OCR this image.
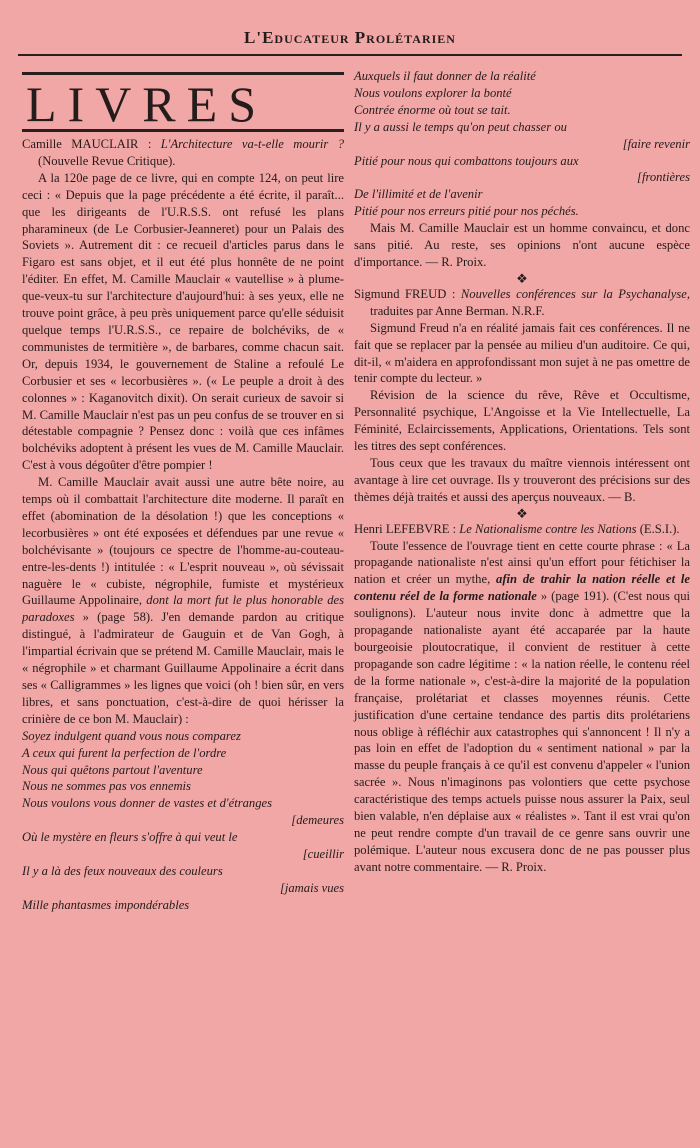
L'Educateur Prolétarien
LIVRES

Camille MAUCLAIR : L'Architecture va-t-elle mourir ? (Nouvelle Revue Critique).

A la 120e page de ce livre, qui en compte 124, on peut lire ceci : « Depuis que la page précédente a été écrite, il paraît... que les dirigeants de l'U.R.S.S. ont refusé les plans pharamineux (de Le Corbusier-Jeanneret) pour un Palais des Soviets ». Autrement dit : ce recueil d'articles parus dans le Figaro est sans objet, et il eut été plus honnête de ne point l'éditer. En effet, M. Camille Mauclair « vautellise » à plume-que-veux-tu sur l'architecture d'aujourd'hui: à ses yeux, elle ne trouve point grâce, à peu près uniquement parce qu'elle séduisit quelque temps l'U.R.S.S., ce repaire de bolchéviks, de « communistes de termitière », de barbares, comme chacun sait. Or, depuis 1934, le gouvernement de Staline a refoulé Le Corbusier et ses « lecorbusières ». (« Le peuple a droit à des colonnes » : Kaganovitch dixit). On serait curieux de savoir si M. Camille Mauclair n'est pas un peu confus de se trouver en si détestable compagnie ? Pensez donc : voilà que ces infâmes bolchéviks adoptent à présent les vues de M. Camille Mauclair. C'est à vous dégoûter d'être pompier !

M. Camille Mauclair avait aussi une autre bête noire, au temps où il combattait l'architecture dite moderne. Il paraît en effet (abomination de la désolation !) que les conceptions « lecorbusières » ont été exposées et défendues par une revue « bolchévisante » (toujours ce spectre de l'homme-au-couteau-entre-les-dents !) intitulée : « L'esprit nouveau », où sévissait naguère le « cubiste, négrophile, fumiste et mystérieux Guillaume Appolinaire, dont la mort fut le plus honorable des paradoxes » (page 58). J'en demande pardon au critique distingué, à l'admirateur de Gauguin et de Van Gogh, à l'impartial écrivain que se prétend M. Camille Mauclair, mais le « négrophile » et charmant Guillaume Appolinaire a écrit dans ses « Calligrammes » les lignes que voici (oh ! bien sûr, en vers libres, et sans ponctuation, c'est-à-dire de quoi hérisser la crinière de ce bon M. Mauclair) :

Soyez indulgent quand vous nous comparez

A ceux qui furent la perfection de l'ordre

Nous qui quêtons partout l'aventure

Nous ne sommes pas vos ennemis

Nous voulons vous donner de vastes et d'étranges

[demeures

Où le mystère en fleurs s'offre à qui veut le

[cueillir

Il y a là des feux nouveaux des couleurs

[jamais vues

Mille phantasmes impondérables

Auxquels il faut donner de la réalité

Nous voulons explorer la bonté

Contrée énorme où tout se tait.

Il y a aussi le temps qu'on peut chasser ou

[faire revenir

Pitié pour nous qui combattons toujours aux

[frontières

De l'illimité et de l'avenir

Pitié pour nos erreurs pitié pour nos péchés.

Mais M. Camille Mauclair est un homme convaincu, et donc sans pitié. Au reste, ses opinions n'ont aucune espèce d'importance. — R. Proix.

❖

Sigmund FREUD : Nouvelles conférences sur la Psychanalyse, traduites par Anne Berman. N.R.F.

Sigmund Freud n'a en réalité jamais fait ces conférences. Il ne fait que se replacer par la pensée au milieu d'un auditoire. Ce qui, dit-il, « m'aidera en approfondissant mon sujet à ne pas omettre de tenir compte du lecteur. »

Révision de la science du rêve, Rêve et Occultisme, Personnalité psychique, L'Angoisse et la Vie Intellectuelle, La Féminité, Eclaircissements, Applications, Orientations. Tels sont les titres des sept conférences.

Tous ceux que les travaux du maître viennois intéressent ont avantage à lire cet ouvrage. Ils y trouveront des précisions sur des thèmes déjà traités et aussi des aperçus nouveaux. — B.

❖

Henri LEFEBVRE : Le Nationalisme contre les Nations (E.S.I.).

Toute l'essence de l'ouvrage tient en cette courte phrase : « La propagande nationaliste n'est ainsi qu'un effort pour fétichiser la nation et créer un mythe, afin de trahir la nation réelle et le contenu réel de la forme nationale » (page 191). (C'est nous qui soulignons). L'auteur nous invite donc à admettre que la propagande nationaliste ayant été accaparée par la haute bourgeoisie ploutocratique, il convient de restituer à cette propagande son cadre légitime : « la nation réelle, le contenu réel de la forme nationale », c'est-à-dire la majorité de la population française, prolétariat et classes moyennes réunis. Cette justification d'une certaine tendance des partis dits prolétariens nous oblige à réfléchir aux catastrophes qui s'annoncent ! Il n'y a pas loin en effet de l'adoption du « sentiment national » par la masse du peuple français à ce qu'il est convenu d'appeler « l'union sacrée ». Nous n'imaginons pas volontiers que cette psychose caractéristique des temps actuels puisse nous assurer la Paix, seul bien valable, n'en déplaise aux « réalistes ». Tant il est vrai qu'on ne peut rendre compte d'un travail de ce genre sans ouvrir une polémique. L'auteur nous excusera donc de ne pas pousser plus avant notre commentaire. — R. Proix.
